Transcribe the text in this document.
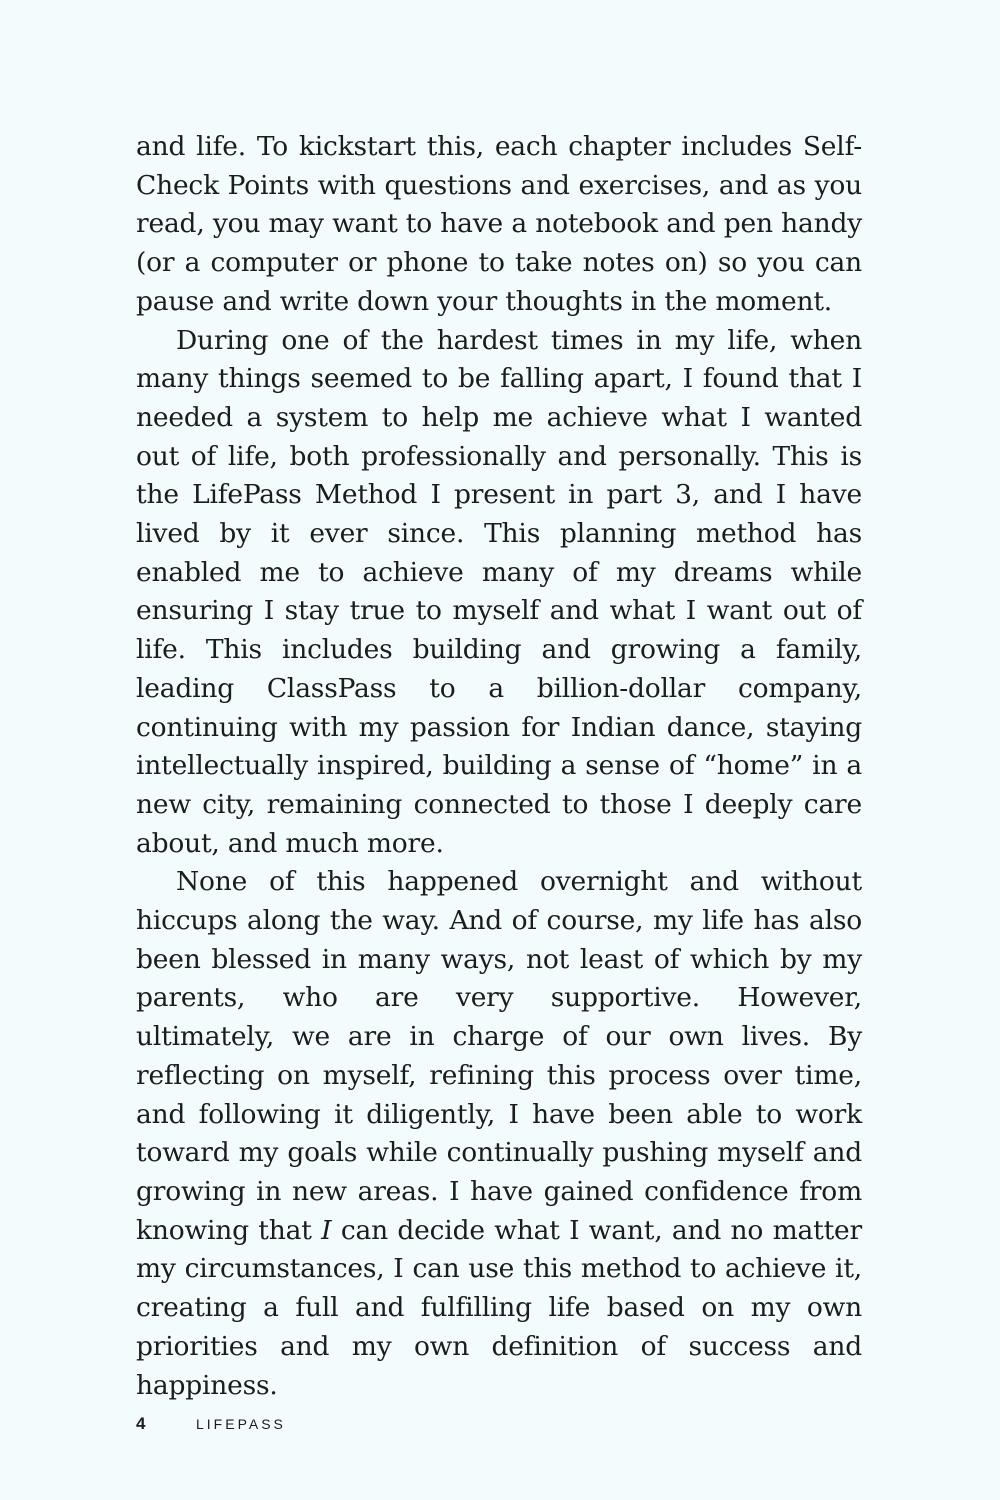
and life. To kickstart this, each chapter includes Self-Check Points with questions and exercises, and as you read, you may want to have a notebook and pen handy (or a computer or phone to take notes on) so you can pause and write down your thoughts in the moment.

During one of the hardest times in my life, when many things seemed to be falling apart, I found that I needed a system to help me achieve what I wanted out of life, both professionally and personally. This is the LifePass Method I present in part 3, and I have lived by it ever since. This planning method has enabled me to achieve many of my dreams while ensuring I stay true to myself and what I want out of life. This includes building and growing a family, leading ClassPass to a billion-dollar company, continuing with my passion for Indian dance, staying intellectually inspired, building a sense of “home” in a new city, remaining connected to those I deeply care about, and much more.

None of this happened overnight and without hiccups along the way. And of course, my life has also been blessed in many ways, not least of which by my parents, who are very supportive. However, ultimately, we are in charge of our own lives. By reflecting on myself, refining this process over time, and following it diligently, I have been able to work toward my goals while continually pushing myself and growing in new areas. I have gained confidence from knowing that I can decide what I want, and no matter my circumstances, I can use this method to achieve it, creating a full and fulfilling life based on my own priorities and my own definition of success and happiness.

4	LIFEPASS
